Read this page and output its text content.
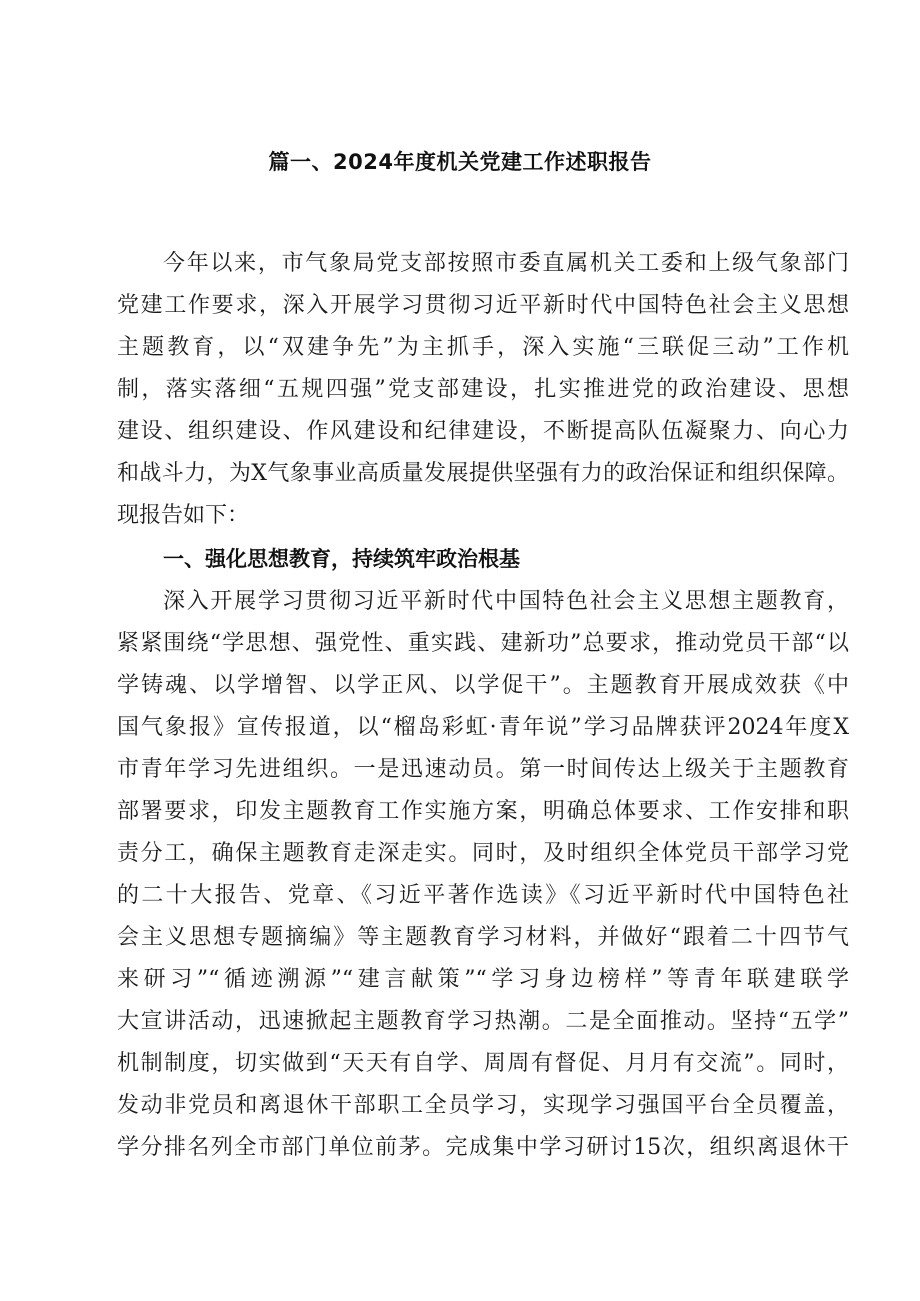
篇一、2024年度机关党建工作述职报告
今年以来，市气象局党支部按照市委直属机关工委和上级气象部门
党建工作要求，深入开展学习贯彻习近平新时代中国特色社会主义思想
主题教育，以“双建争先”为主抓手，深入实施“三联促三动”工作机
制，落实落细“五规四强”党支部建设，扎实推进党的政治建设、思想
建设、组织建设、作风建设和纪律建设，不断提高队伍凝聚力、向心力
和战斗力，为X气象事业高质量发展提供坚强有力的政治保证和组织保障。
现报告如下：
一、强化思想教育，持续筑牢政治根基
深入开展学习贯彻习近平新时代中国特色社会主义思想主题教育，
紧紧围绕“学思想、强党性、重实践、建新功”总要求，推动党员干部“以
学铸魂、以学增智、以学正风、以学促干”。主题教育开展成效获《中
国气象报》宣传报道，以“榴岛彩虹·青年说”学习品牌获评2024年度X
市青年学习先进组织。一是迅速动员。第一时间传达上级关于主题教育
部署要求，印发主题教育工作实施方案，明确总体要求、工作安排和职
责分工，确保主题教育走深走实。同时，及时组织全体党员干部学习党
的二十大报告、党章、《习近平著作选读》《习近平新时代中国特色社
会主义思想专题摘编》等主题教育学习材料，并做好“跟着二十四节气
来研习”“循迹溯源”“建言献策”“学习身边榜样”等青年联建联学
大宣讲活动，迅速掀起主题教育学习热潮。二是全面推动。坚持“五学”
机制制度，切实做到“天天有自学、周周有督促、月月有交流”。同时，
发动非党员和离退休干部职工全员学习，实现学习强国平台全员覆盖，
学分排名列全市部门单位前茅。完成集中学习研讨15次，组织离退休干
